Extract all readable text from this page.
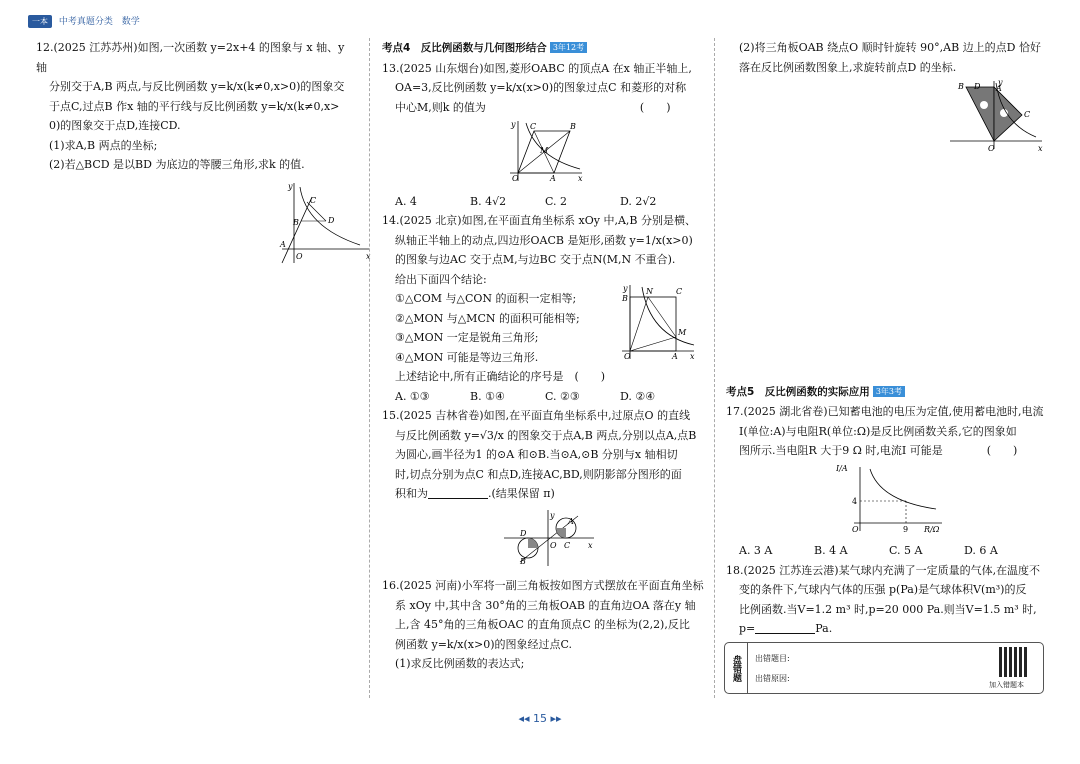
一本 中考真题分类 数学

12.(2025 江苏苏州)如图,一次函数 y=2x+4 的图象与 x 轴、y 轴

分别交于A,B 两点,与反比例函数 y=k/x(k≠0,x>0)的图象交

于点C,过点B 作x 轴的平行线与反比例函数 y=k/x(k≠0,x>

0)的图象交于点D,连接CD.

(1)求A,B 两点的坐标;

(2)若△BCD 是以BD 为底边的等腰三角形,求k 的值.

y
C
B	D
A
O	x

考点4　反比例函数与几何图形结合 3年12考

13.(2025 山东烟台)如图,菱形OABC 的顶点A 在x 轴正半轴上,

OA=3,反比例函数 y=k/x(x>0)的图象过点C 和菱形的对称

中心M,则k 的值为　　　　　　　　　　　　　　(　　)

y C	B
M
O	A	x

A. 4	B. 4√2	C. 2	D. 2√2

14.(2025 北京)如图,在平面直角坐标系 xOy 中,A,B 分别是横、

纵轴正半轴上的动点,四边形OACB 是矩形,函数 y=1/x(x>0)

的图象与边AC 交于点M,与边BC 交于点N(M,N 不重合).

给出下面四个结论:

①△COM 与△CON 的面积一定相等;

②△MON 与△MCN 的面积可能相等;

③△MON 一定是锐角三角形;

④△MON 可能是等边三角形.

上述结论中,所有正确结论的序号是　(　　)

y
B
N	C
M
O	A x

A. ①③	B. ①④	C. ②③	D. ②④

15.(2025 吉林省卷)如图,在平面直角坐标系中,过原点O 的直线

与反比例函数 y=√3/x 的图象交于点A,B 两点,分别以点A,点B

为圆心,画半径为1 的⊙A 和⊙B.当⊙A,⊙B 分别与x 轴相切

时,切点分别为点C 和点D,连接AC,BD,则阴影部分图形的面

积和为	.(结果保留 π)

y
A
D
O C x
B

16.(2025 河南)小军将一副三角板按如图方式摆放在平面直角坐标

系 xOy 中,其中含 30°角的三角板OAB 的直角边OA 落在y 轴

上,含 45°角的三角板OAC 的直角顶点C 的坐标为(2,2),反比

例函数 y=k/x(x>0)的图象经过点C.

(1)求反比例函数的表达式;

(2)将三角板OAB 绕点O 顺时针旋转 90°,AB 边上的点D 恰好

落在反比例函数图象上,求旋转前点D 的坐标.

B D A
y
C
O	x

考点5　反比例函数的实际应用 3年3考

17.(2025 湖北省卷)已知蓄电池的电压为定值,使用蓄电池时,电流

I(单位:A)与电阻R(单位:Ω)是反比例函数关系,它的图象如

图所示.当电阻R 大于9 Ω 时,电流I 可能是　　　　(　　)

I/A
4
O	9 R/Ω

A. 3 A	B. 4 A	C. 5 A	D. 6 A

18.(2025 江苏连云港)某气球内充满了一定质量的气体,在温度不

变的条件下,气球内气体的压强 p(Pa)是气球体积V(m³)的反

比例函数.当V=1.2 m³ 时,p=20 000 Pa.则当V=1.5 m³ 时,

p=	Pa.

盘错题	出错题目:
出错原因:
加入错题本
◂◂ 15 ▸▸
